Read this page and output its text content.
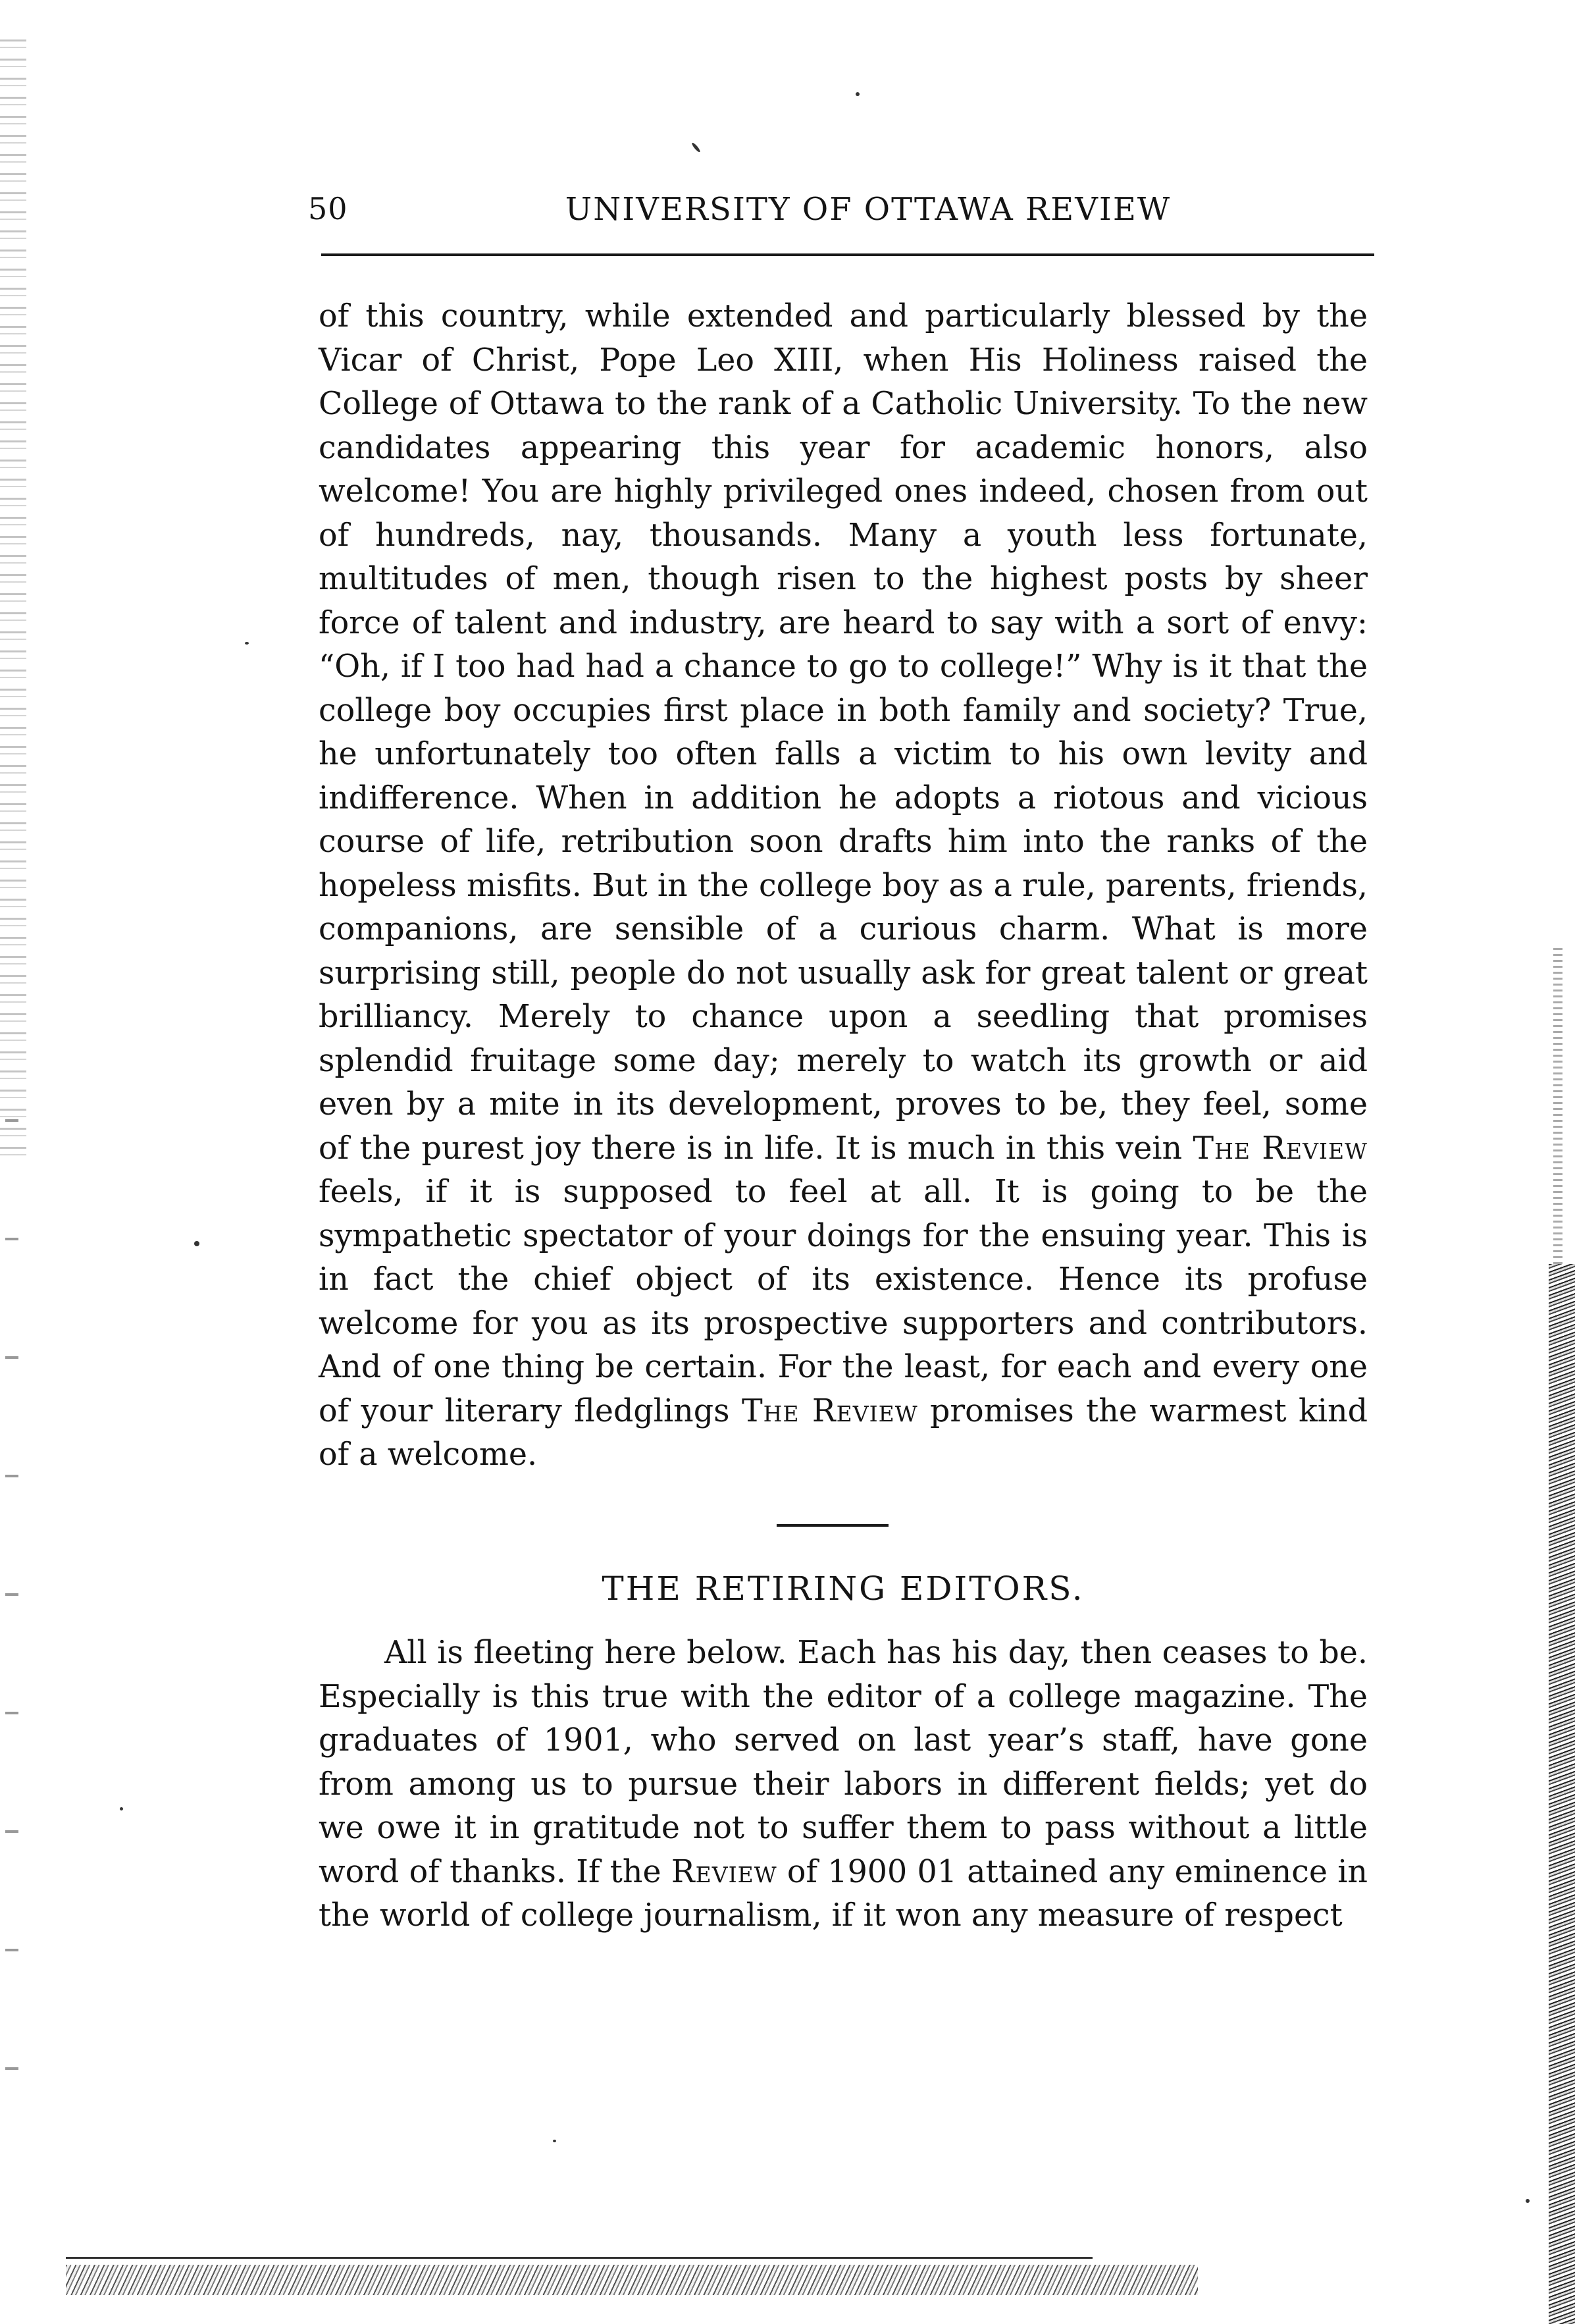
50	UNIVERSITY OF OTTAWA REVIEW
of this country, while extended and particularly blessed by the Vicar of Christ, Pope Leo XIII, when His Holiness raised the College of Ottawa to the rank of a Catholic University. To the new candidates appearing this year for academic honors, also welcome! You are highly privileged ones indeed, chosen from out of hundreds, nay, thousands. Many a youth less fortunate, multitudes of men, though risen to the highest posts by sheer force of talent and industry, are heard to say with a sort of envy: “Oh, if I too had had a chance to go to college!” Why is it that the college boy occupies first place in both family and society? True, he unfortunately too often falls a victim to his own levity and indifference. When in addition he adopts a riotous and vicious course of life, retribution soon drafts him into the ranks of the hopeless misfits. But in the college boy as a rule, parents, friends, companions, are sensible of a curious charm. What is more surprising still, people do not usually ask for great talent or great brilliancy. Merely to chance upon a seedling that promises splendid fruitage some day; merely to watch its growth or aid even by a mite in its development, proves to be, they feel, some of the purest joy there is in life. It is much in this vein The Review feels, if it is supposed to feel at all. It is going to be the sympathetic spectator of your doings for the ensuing year. This is in fact the chief object of its existence. Hence its profuse welcome for you as its prospective supporters and contributors. And of one thing be certain. For the least, for each and every one of your literary fledglings The Review promises the warmest kind of a welcome.
THE RETIRING EDITORS.
All is fleeting here below. Each has his day, then ceases to be. Especially is this true with the editor of a college magazine. The graduates of 1901, who served on last year’s staff, have gone from among us to pursue their labors in different fields; yet do we owe it in gratitude not to suffer them to pass without a little word of thanks. If the Review of 1900 01 attained any eminence in the world of college journalism, if it won any measure of respect
